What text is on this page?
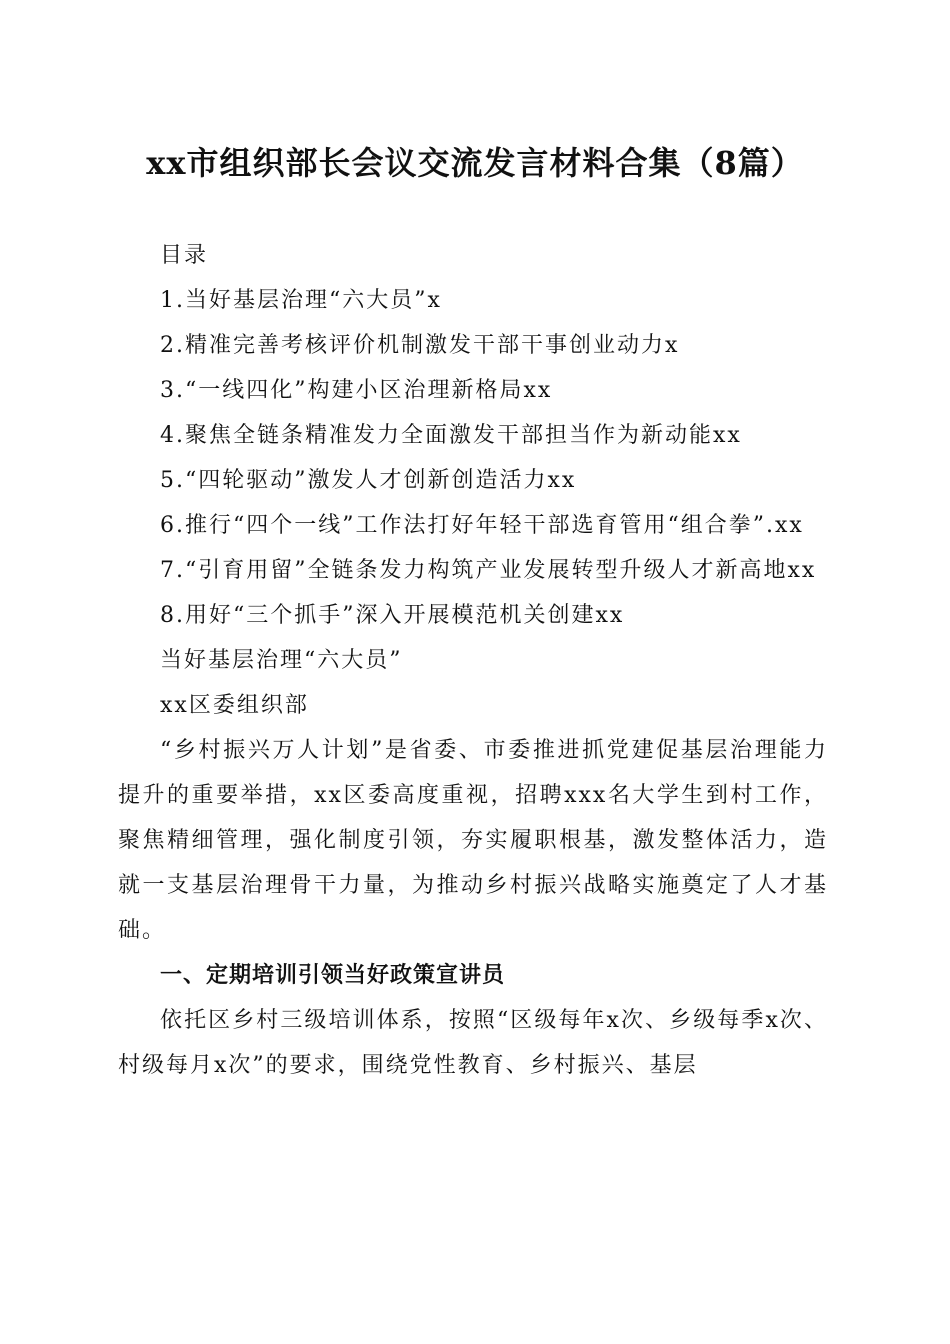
xx市组织部长会议交流发言材料合集（8篇）

目录

1.当好基层治理“六大员”x

2.精准完善考核评价机制激发干部干事创业动力x

3.“一线四化”构建小区治理新格局xx

4.聚焦全链条精准发力全面激发干部担当作为新动能xx

5.“四轮驱动”激发人才创新创造活力xx

6.推行“四个一线”工作法打好年轻干部选育管用“组合拳”.xx

7.“引育用留”全链条发力构筑产业发展转型升级人才新高地xx

8.用好“三个抓手”深入开展模范机关创建xx

当好基层治理“六大员”

xx区委组织部

“乡村振兴万人计划”是省委、市委推进抓党建促基层治理能力提升的重要举措，xx区委高度重视，招聘xxx名大学生到村工作，聚焦精细管理，强化制度引领，夯实履职根基，激发整体活力，造就一支基层治理骨干力量，为推动乡村振兴战略实施奠定了人才基础。

一、定期培训引领当好政策宣讲员

依托区乡村三级培训体系，按照“区级每年x次、乡级每季x次、村级每月x次”的要求，围绕党性教育、乡村振兴、基层
